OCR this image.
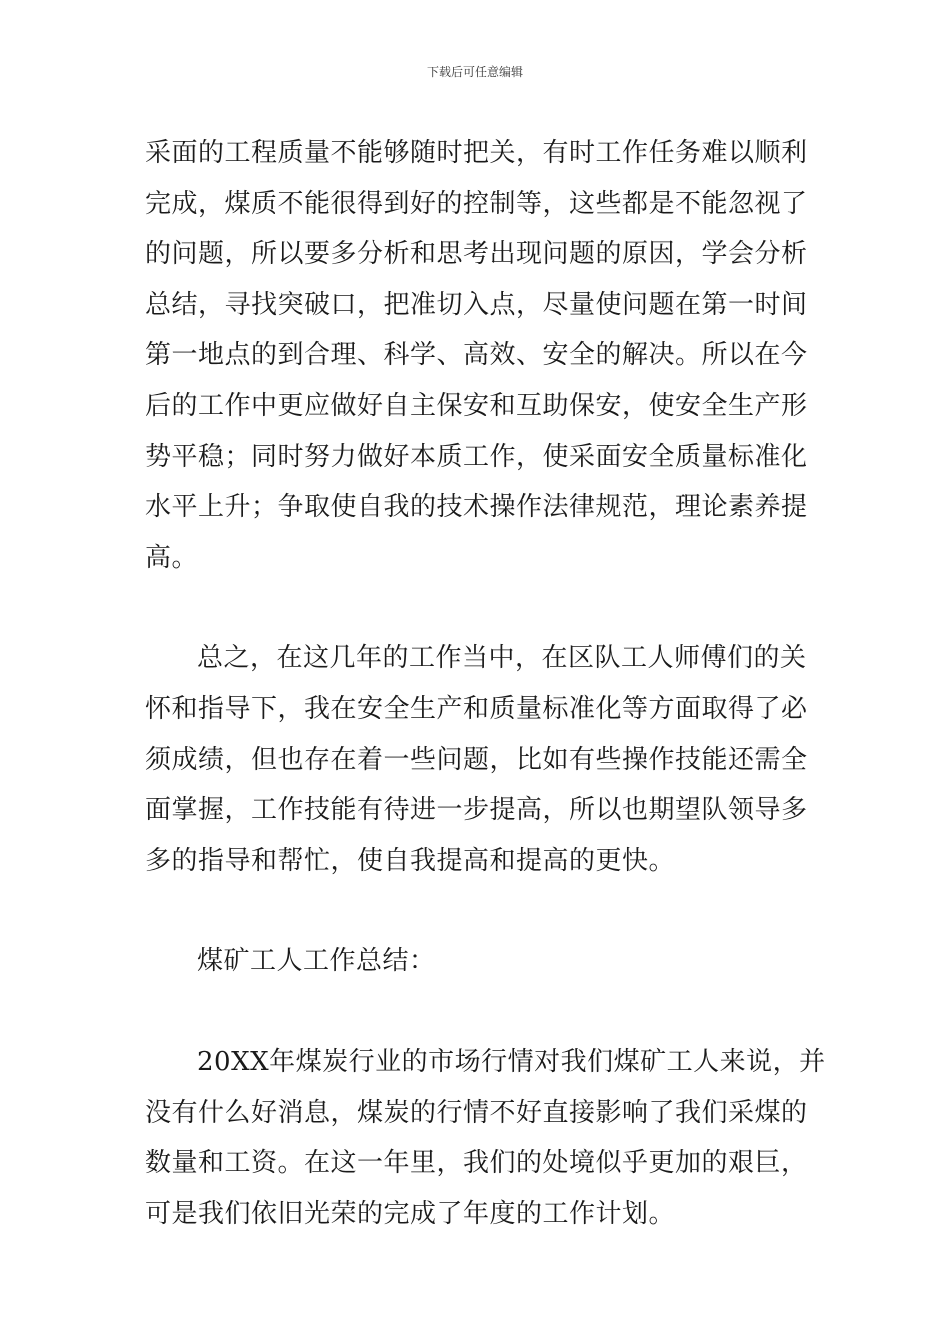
下载后可任意编辑
采面的工程质量不能够随时把关，有时工作任务难以顺利
完成，煤质不能很得到好的控制等，这些都是不能忽视了
的问题，所以要多分析和思考出现问题的原因，学会分析
总结，寻找突破口，把准切入点，尽量使问题在第一时间
第一地点的到合理、科学、高效、安全的解决。所以在今
后的工作中更应做好自主保安和互助保安，使安全生产形
势平稳；同时努力做好本质工作，使采面安全质量标准化
水平上升；争取使自我的技术操作法律规范，理论素养提
高。
总之，在这几年的工作当中，在区队工人师傅们的关
怀和指导下，我在安全生产和质量标准化等方面取得了必
须成绩，但也存在着一些问题，比如有些操作技能还需全
面掌握，工作技能有待进一步提高，所以也期望队领导多
多的指导和帮忙，使自我提高和提高的更快。
煤矿工人工作总结：
20XX年煤炭行业的市场行情对我们煤矿工人来说，并
没有什么好消息，煤炭的行情不好直接影响了我们采煤的
数量和工资。在这一年里，我们的处境似乎更加的艰巨，
可是我们依旧光荣的完成了年度的工作计划。
